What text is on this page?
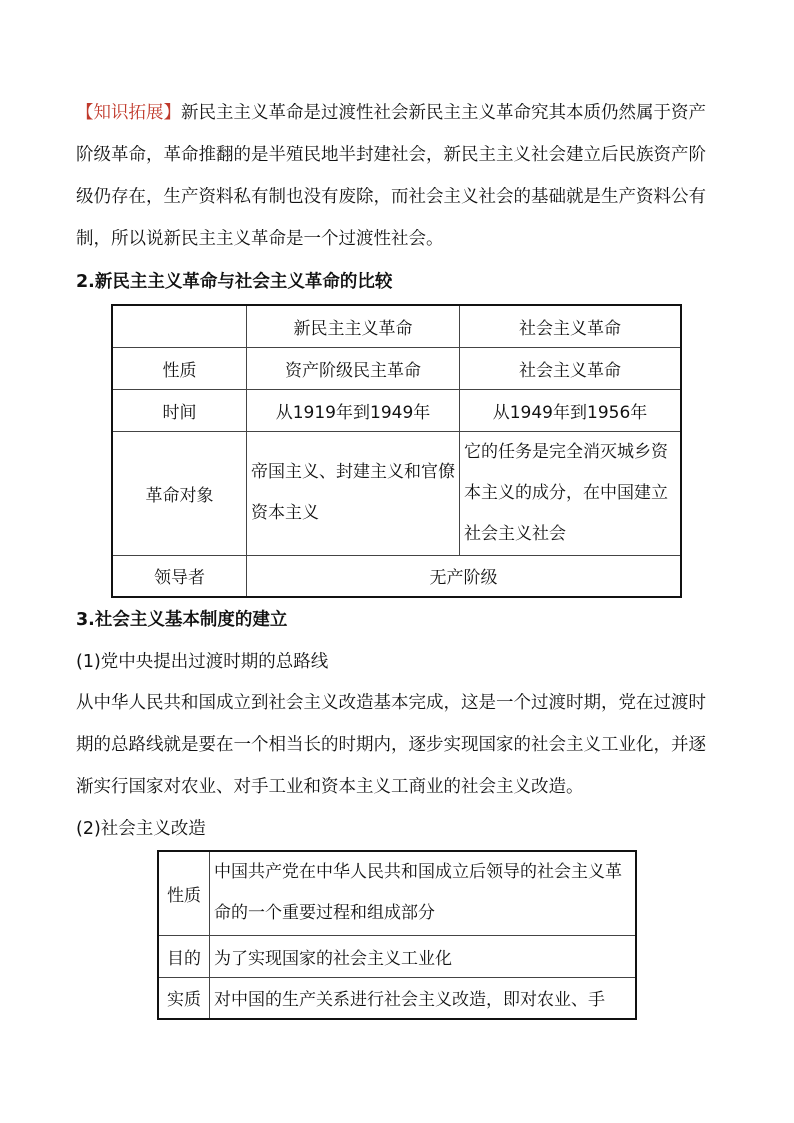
【知识拓展】新民主主义革命是过渡性社会新民主主义革命究其本质仍然属于资产阶级革命，革命推翻的是半殖民地半封建社会，新民主主义社会建立后民族资产阶级仍存在，生产资料私有制也没有废除，而社会主义社会的基础就是生产资料公有制，所以说新民主主义革命是一个过渡性社会。
2.新民主主义革命与社会主义革命的比较
	新民主主义革命	社会主义革命
性质	资产阶级民主革命	社会主义革命
时间	从1919年到1949年	从1949年到1956年
革命对象	帝国主义、封建主义和官僚资本主义	它的任务是完全消灭城乡资本主义的成分，在中国建立社会主义社会
领导者	无产阶级	
3.社会主义基本制度的建立
(1)党中央提出过渡时期的总路线
从中华人民共和国成立到社会主义改造基本完成，这是一个过渡时期，党在过渡时期的总路线就是要在一个相当长的时期内，逐步实现国家的社会主义工业化，并逐渐实行国家对农业、对手工业和资本主义工商业的社会主义改造。
(2)社会主义改造
性质	中国共产党在中华人民共和国成立后领导的社会主义革命的一个重要过程和组成部分
目的	为了实现国家的社会主义工业化
实质	对中国的生产关系进行社会主义改造，即对农业、手
